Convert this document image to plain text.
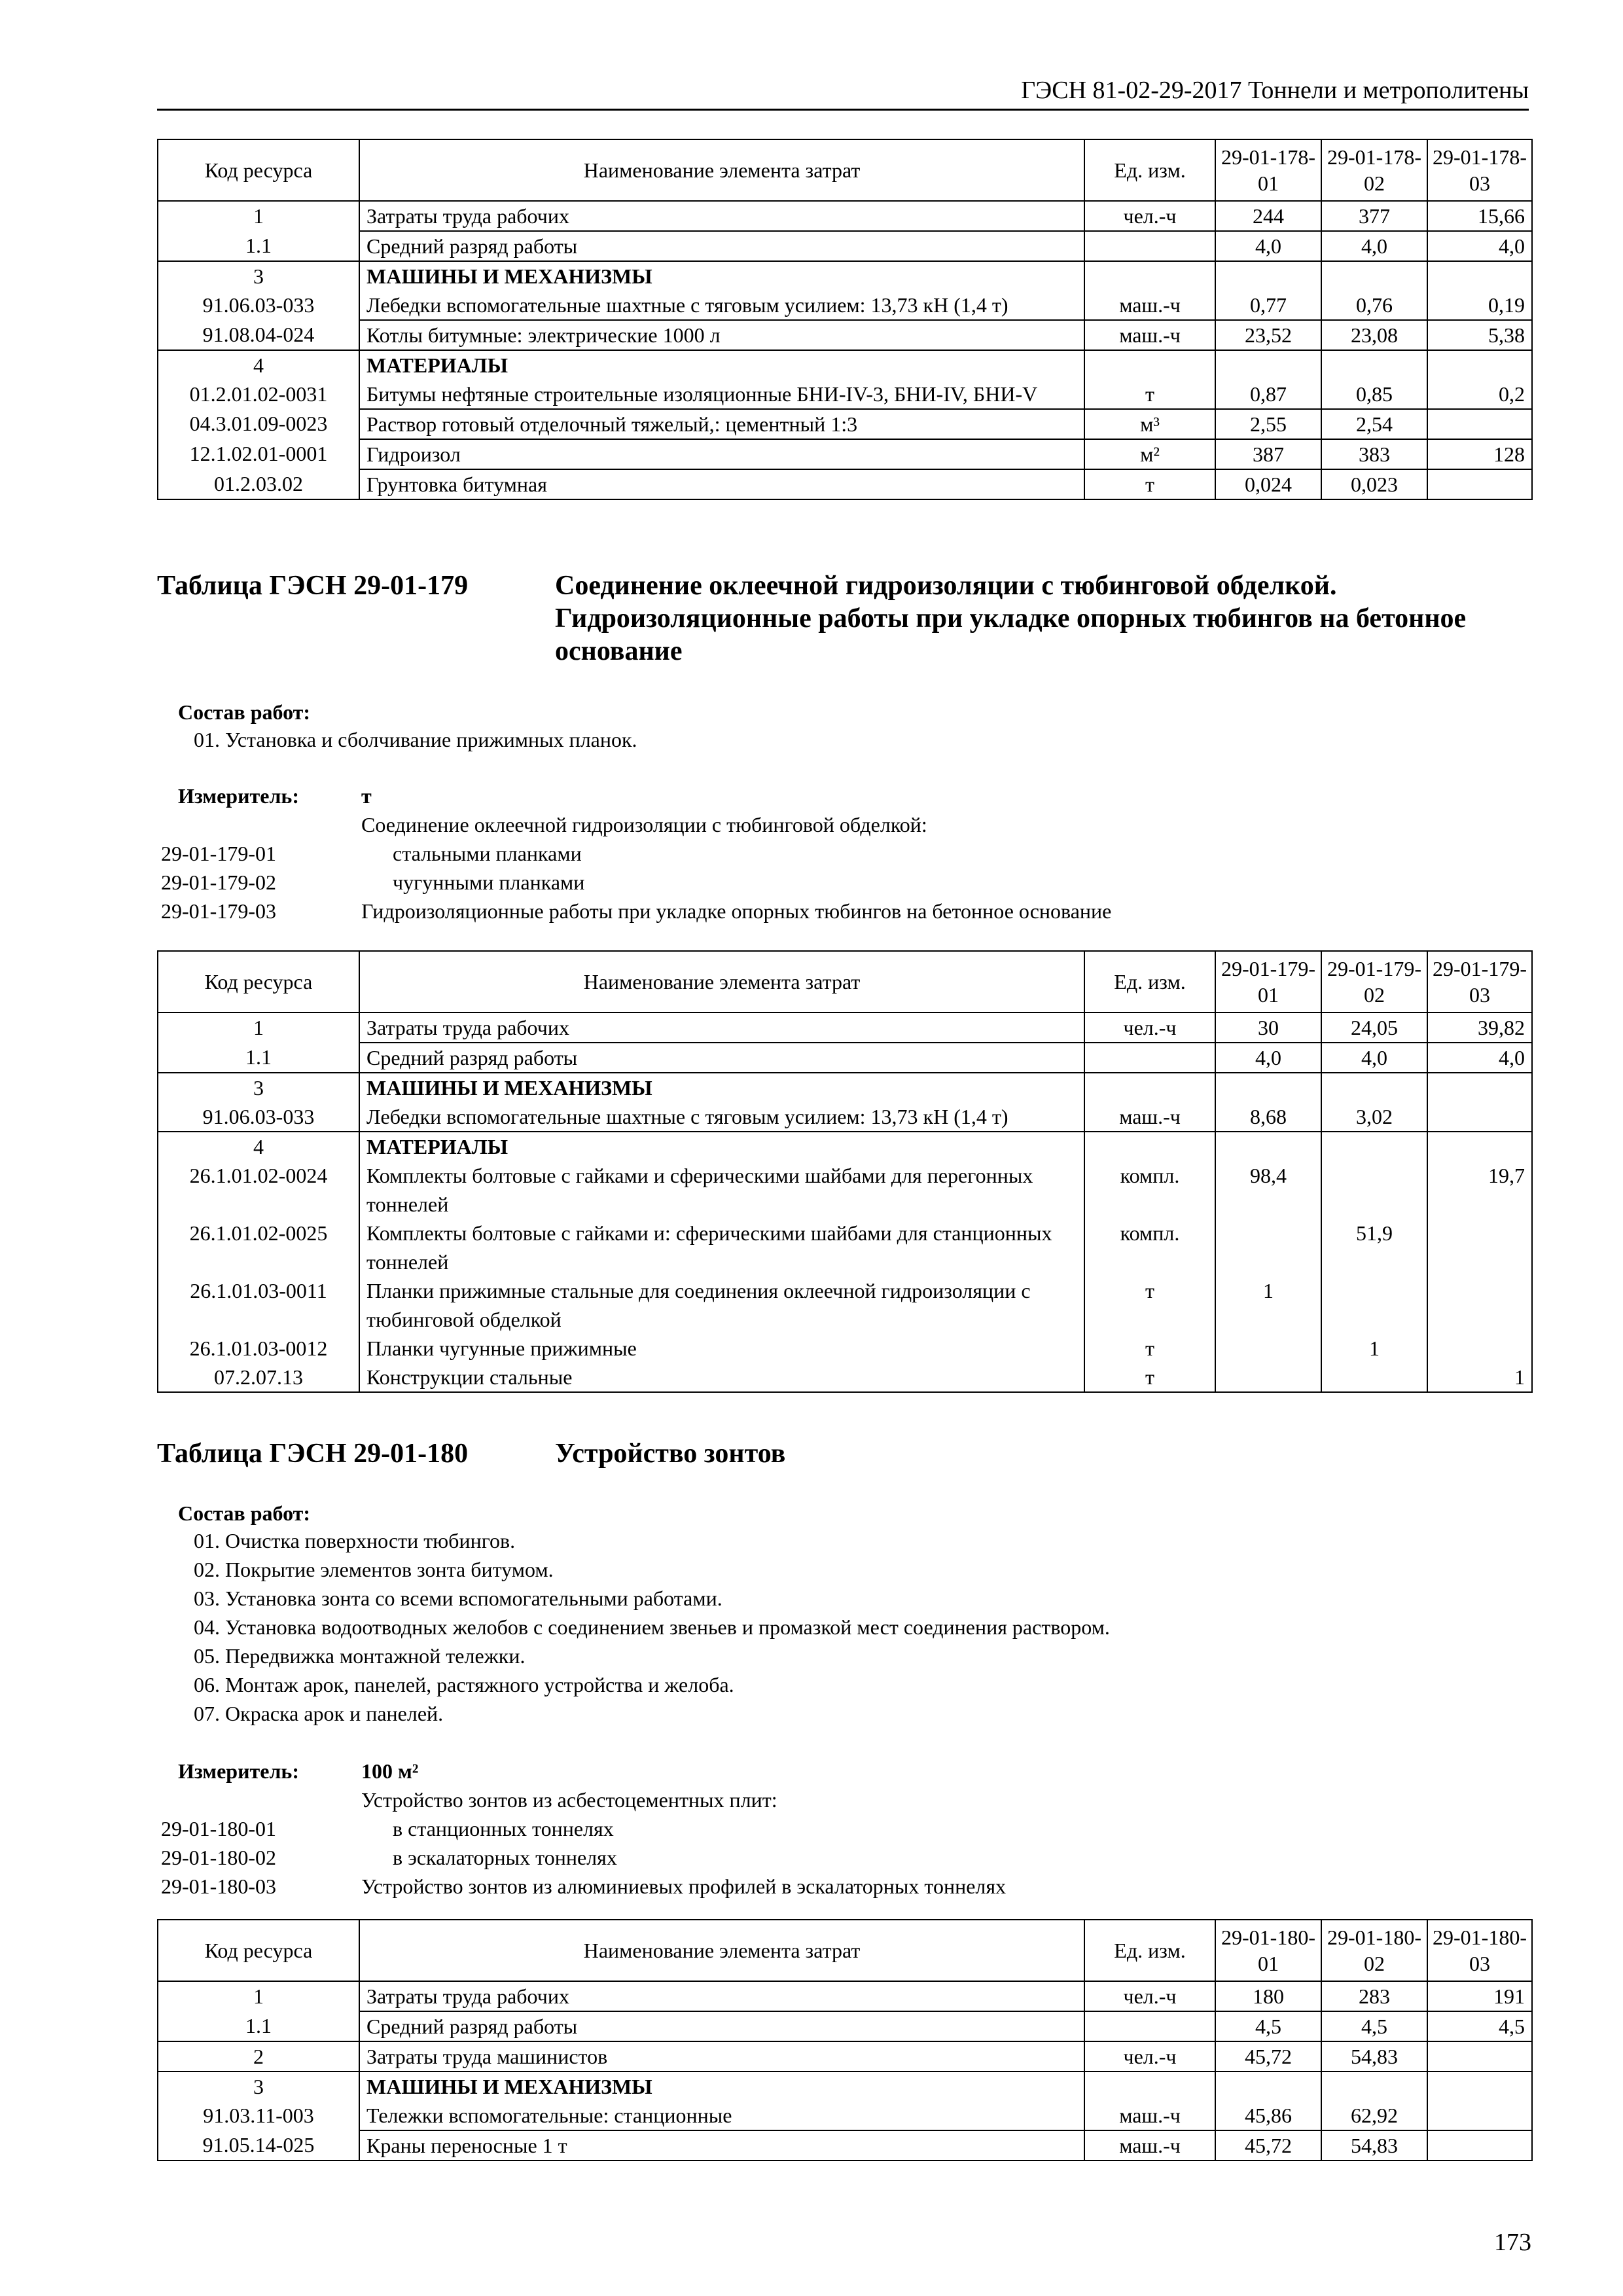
ГЭСН 81-02-29-2017 Тоннели и метрополитены
Код ресурса	Наименование элемента затрат	Ед. изм.	29-01-178-01	29-01-178-02	29-01-178-03
1	Затраты труда рабочих	чел.-ч	244	377	15,66
1.1	Средний разряд работы		4,0	4,0	4,0
3	МАШИНЫ И МЕХАНИЗМЫ				
91.06.03-033	Лебедки вспомогательные шахтные с тяговым усилием: 13,73 кН (1,4 т)	маш.-ч	0,77	0,76	0,19
91.08.04-024	Котлы битумные: электрические 1000 л	маш.-ч	23,52	23,08	5,38
4	МАТЕРИАЛЫ				
01.2.01.02-0031	Битумы нефтяные строительные изоляционные БНИ-IV-3, БНИ-IV, БНИ-V	т	0,87	0,85	0,2
04.3.01.09-0023	Раствор готовый отделочный тяжелый,: цементный 1:3	м³	2,55	2,54	
12.1.02.01-0001	Гидроизол	м²	387	383	128
01.2.03.02	Грунтовка битумная	т	0,024	0,023	
Таблица ГЭСН 29-01-179	Соединение оклеечной гидроизоляции с тюбинговой обделкой. Гидроизоляционные работы при укладке опорных тюбингов на бетонное основание
Состав работ:
01. Установка и сболчивание прижимных планок.
Измеритель:	т
Соединение оклеечной гидроизоляции с тюбинговой обделкой:
29-01-179-01	стальными планками
29-01-179-02	чугунными планками
29-01-179-03	Гидроизоляционные работы при укладке опорных тюбингов на бетонное основание
Код ресурса	Наименование элемента затрат	Ед. изм.	29-01-179-01	29-01-179-02	29-01-179-03
1	Затраты труда рабочих	чел.-ч	30	24,05	39,82
1.1	Средний разряд работы		4,0	4,0	4,0
3	МАШИНЫ И МЕХАНИЗМЫ				
91.06.03-033	Лебедки вспомогательные шахтные с тяговым усилием: 13,73 кН (1,4 т)	маш.-ч	8,68	3,02	
4	МАТЕРИАЛЫ				
26.1.01.02-0024	Комплекты болтовые с гайками и сферическими шайбами для перегонных тоннелей	компл.	98,4		19,7
26.1.01.02-0025	Комплекты болтовые с гайками и: сферическими шайбами для станционных тоннелей	компл.		51,9	
26.1.01.03-0011	Планки прижимные стальные для соединения оклеечной гидроизоляции с тюбинговой обделкой	т	1		
26.1.01.03-0012	Планки чугунные прижимные	т		1	
07.2.07.13	Конструкции стальные	т			1
Таблица ГЭСН 29-01-180	Устройство зонтов
Состав работ:
01. Очистка поверхности тюбингов.
02. Покрытие элементов зонта битумом.
03. Установка зонта со всеми вспомогательными работами.
04. Установка водоотводных желобов с соединением звеньев и промазкой мест соединения раствором.
05. Передвижка монтажной тележки.
06. Монтаж арок, панелей, растяжного устройства и желоба.
07. Окраска арок и панелей.
Измеритель:	100 м²
Устройство зонтов из асбестоцементных плит:
29-01-180-01	в станционных тоннелях
29-01-180-02	в эскалаторных тоннелях
29-01-180-03	Устройство зонтов из алюминиевых профилей в эскалаторных тоннелях
Код ресурса	Наименование элемента затрат	Ед. изм.	29-01-180-01	29-01-180-02	29-01-180-03
1	Затраты труда рабочих	чел.-ч	180	283	191
1.1	Средний разряд работы		4,5	4,5	4,5
2	Затраты труда машинистов	чел.-ч	45,72	54,83	
3	МАШИНЫ И МЕХАНИЗМЫ				
91.03.11-003	Тележки вспомогательные: станционные	маш.-ч	45,86	62,92	
91.05.14-025	Краны переносные 1 т	маш.-ч	45,72	54,83	
173
